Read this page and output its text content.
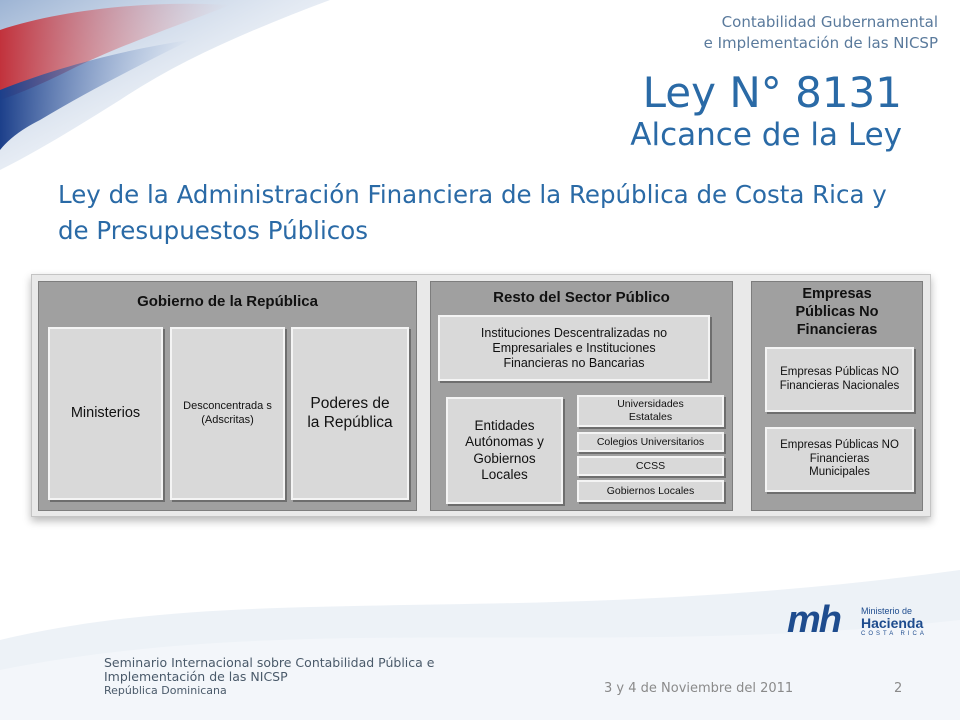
Contabilidad Gubernamental
e Implementación de las NICSP
Ley N° 8131
Alcance de la Ley
Ley de la Administración Financiera de la República de Costa Rica y de Presupuestos Públicos
Gobierno de la República
Ministerios	Desconcentrada s (Adscritas)
Poderes de la República
Resto del Sector Público
Instituciones Descentralizadas no Empresariales e Instituciones Financieras no Bancarias
Entidades Autónomas y Gobiernos Locales
Universidades Estatales
Colegios Universitarios
CCSS
Gobiernos Locales
Empresas Públicas No Financieras
Empresas Públicas NO Financieras Nacionales
Empresas Públicas NO Financieras Municipales
mh Ministerio de
Hacienda
COSTA RICA
Seminario Internacional sobre Contabilidad Pública e Implementación de las NICSP
República Dominicana	3 y 4 de Noviembre del 2011	2
